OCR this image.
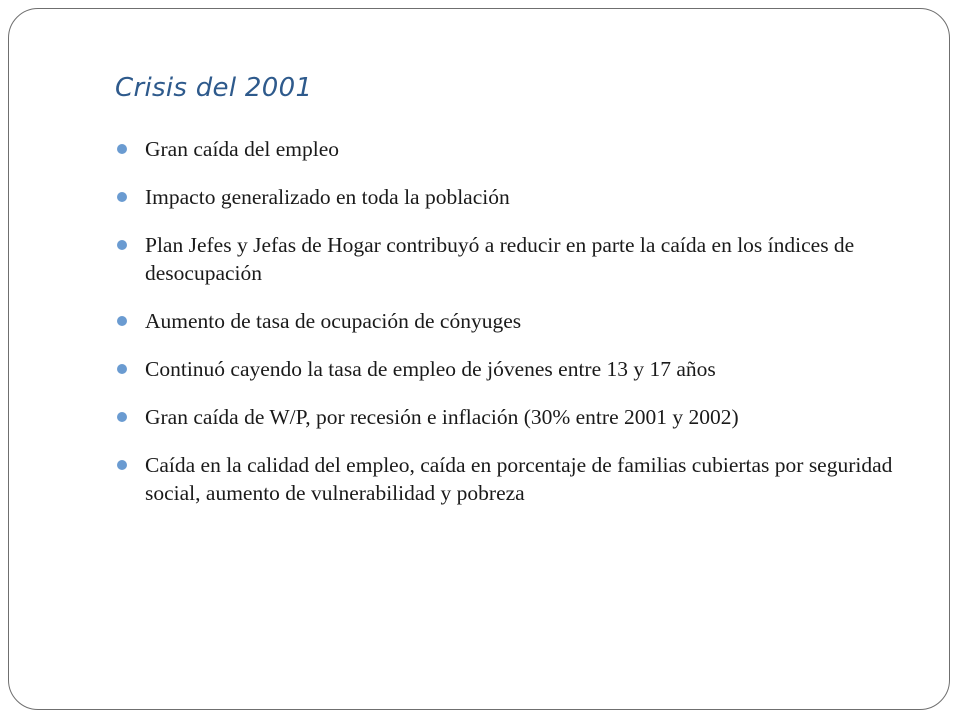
Crisis del 2001
Gran caída del empleo
Impacto generalizado en toda la población
Plan Jefes y Jefas de Hogar contribuyó a reducir en parte la caída en los índices de desocupación
Aumento de tasa de ocupación de cónyuges
Continuó cayendo la tasa de empleo de jóvenes entre 13 y 17 años
Gran caída de W/P, por recesión e inflación (30% entre 2001 y 2002)
Caída en la calidad del empleo, caída en porcentaje de familias cubiertas por seguridad social, aumento de vulnerabilidad y pobreza
